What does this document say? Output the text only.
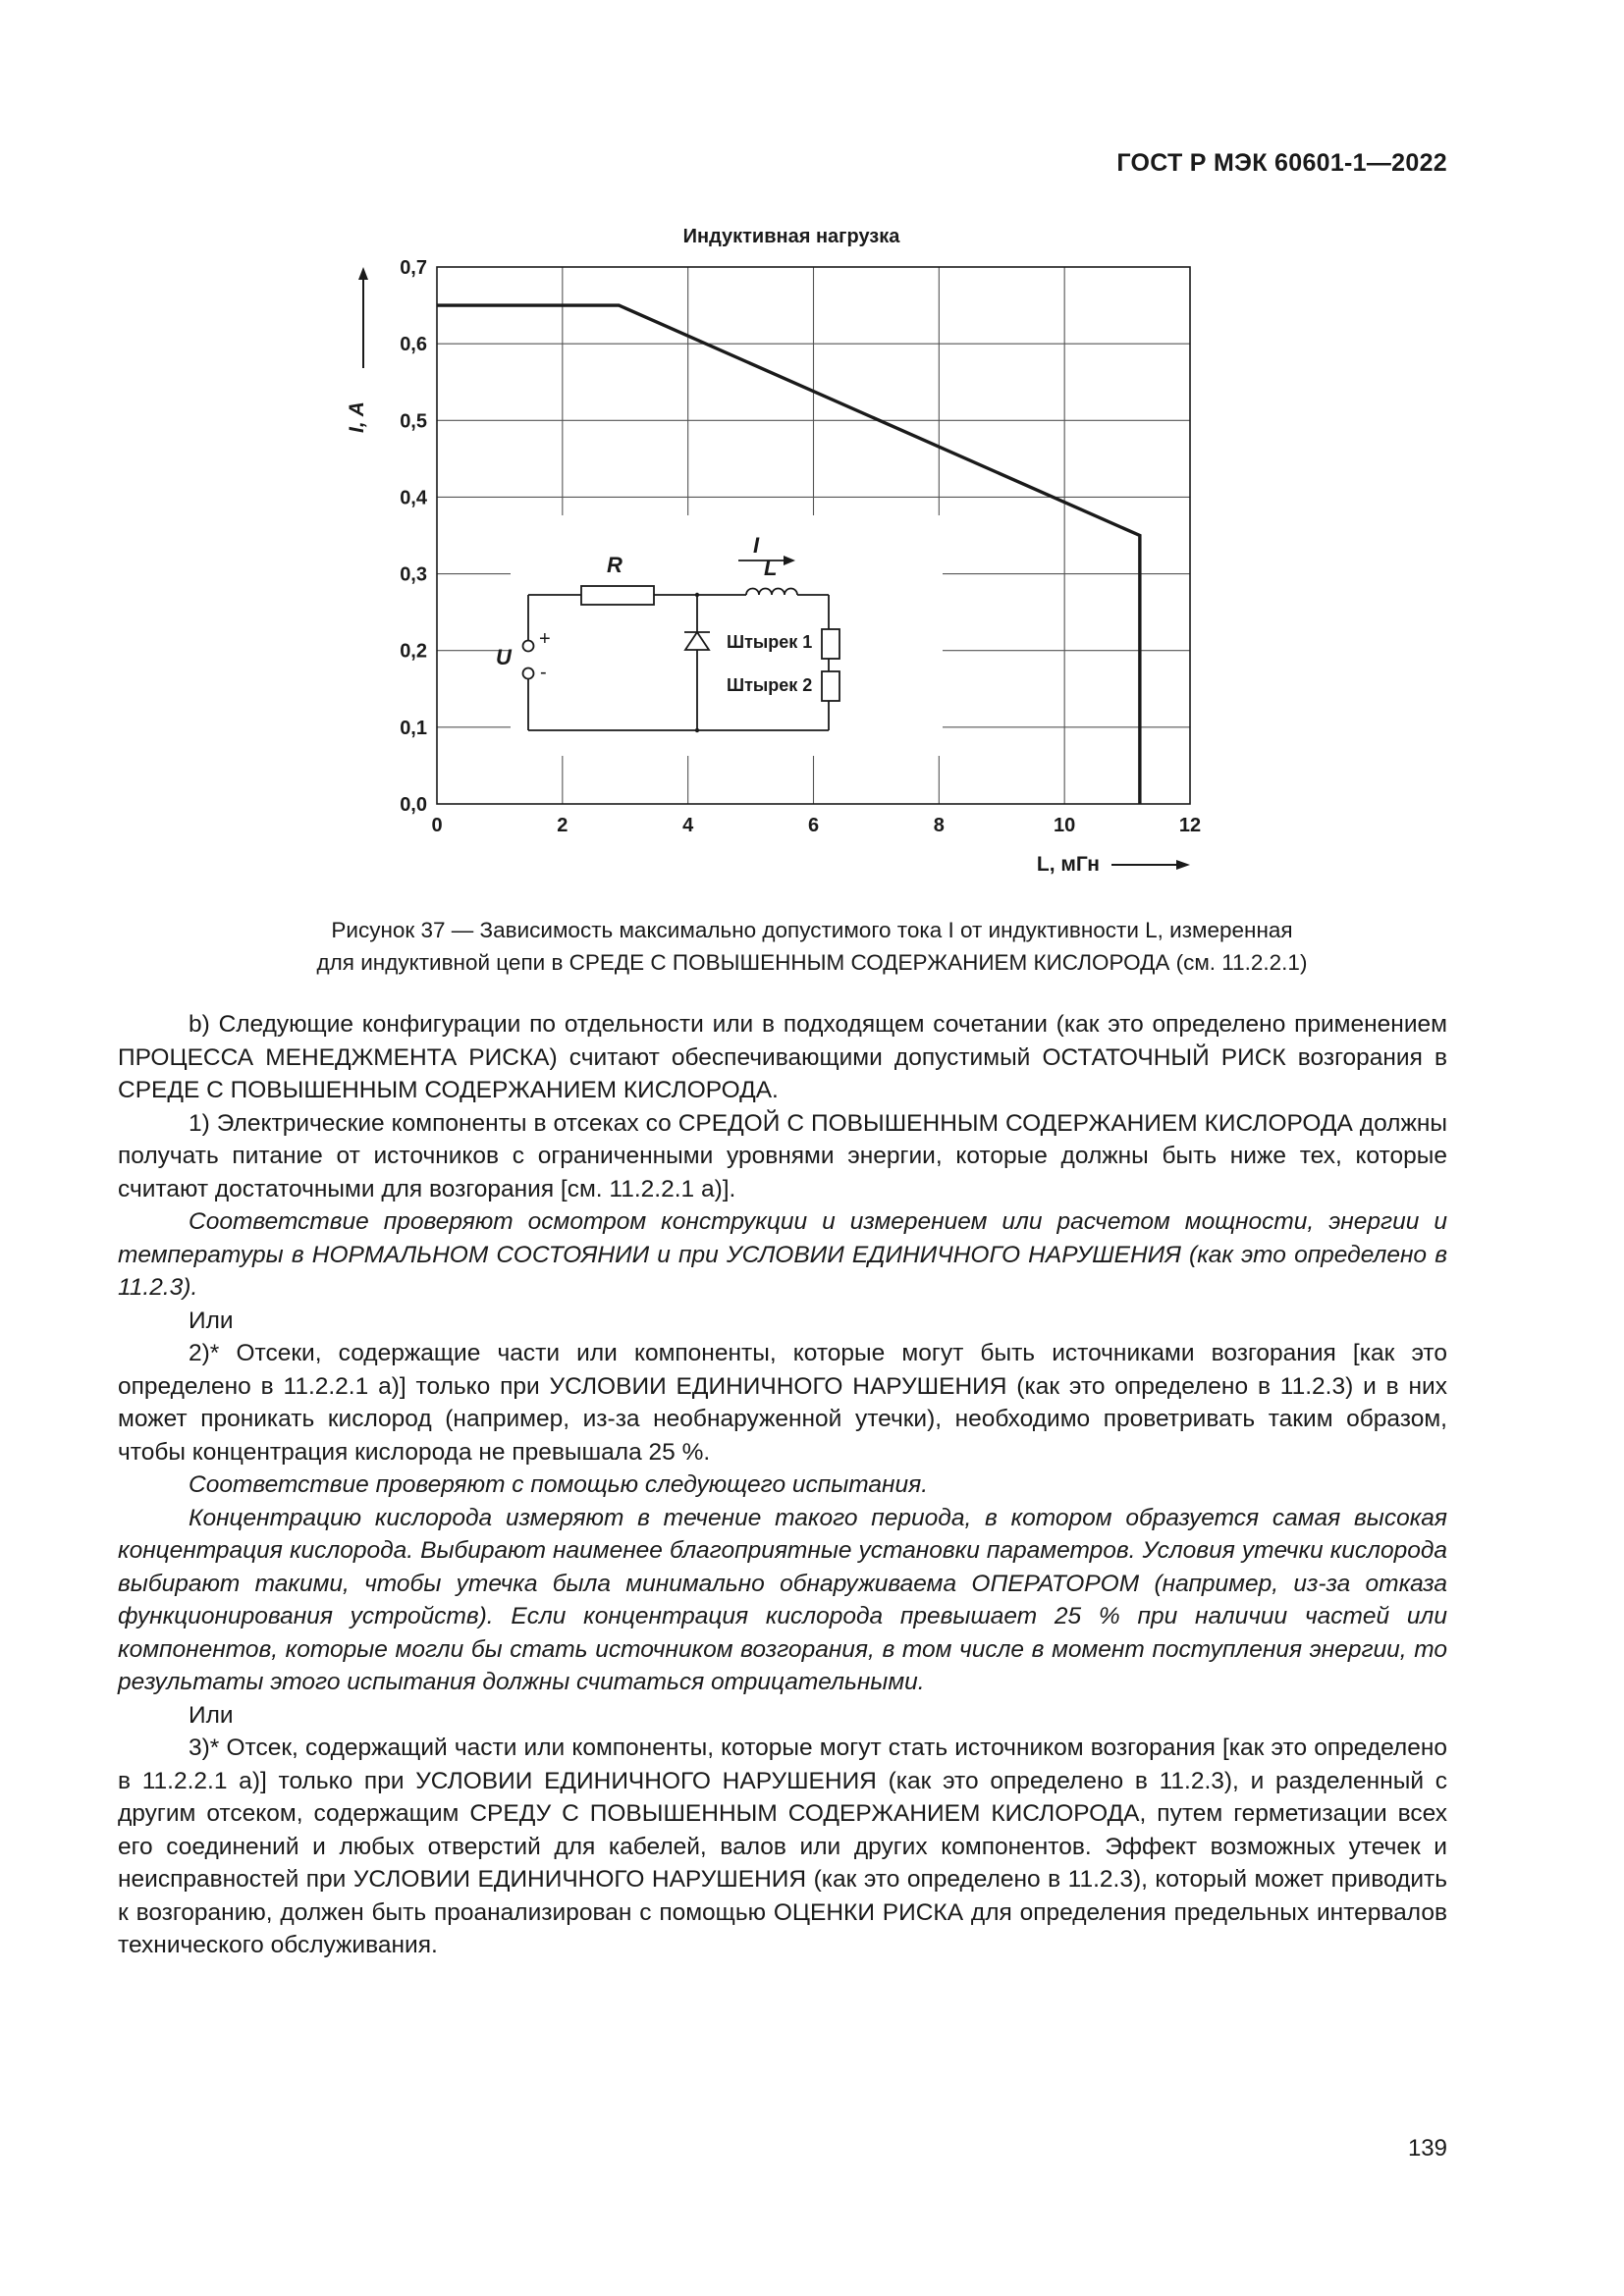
ГОСТ Р МЭК 60601-1—2022
Индуктивная нагрузка
+
-
U
R	L
I
Штырек 1
Штырек 2
0	2	4	6	8	10	12
0,0
0,1
0,2
0,3
0,4
0,5
0,6
0,7
I, A
L, мГн
Рисунок 37 — Зависимость максимально допустимого тока I от индуктивности L, измеренная
для индуктивной цепи в СРЕДЕ С ПОВЫШЕННЫМ СОДЕРЖАНИЕМ КИСЛОРОДА (см. 11.2.2.1)

b) Следующие конфигурации по отдельности или в подходящем сочетании (как это определено применением ПРОЦЕССА МЕНЕДЖМЕНТА РИСКА) считают обеспечивающими допустимый ОСТАТОЧНЫЙ РИСК возгорания в СРЕДЕ С ПОВЫШЕННЫМ СОДЕРЖАНИЕМ КИСЛОРОДА.

1) Электрические компоненты в отсеках со СРЕДОЙ С ПОВЫШЕННЫМ СОДЕРЖАНИЕМ КИСЛОРОДА должны получать питание от источников с ограниченными уровнями энергии, которые должны быть ниже тех, которые считают достаточными для возгорания [см. 11.2.2.1 а)].

Соответствие проверяют осмотром конструкции и измерением или расчетом мощности, энергии и температуры в НОРМАЛЬНОМ СОСТОЯНИИ и при УСЛОВИИ ЕДИНИЧНОГО НАРУШЕНИЯ (как это определено в 11.2.3).

Или

2)* Отсеки, содержащие части или компоненты, которые могут быть источниками возгорания [как это определено в 11.2.2.1 а)] только при УСЛОВИИ ЕДИНИЧНОГО НАРУШЕНИЯ (как это определено в 11.2.3) и в них может проникать кислород (например, из-за необнаруженной утечки), необходимо проветривать таким образом, чтобы концентрация кислорода не превышала 25 %.

Соответствие проверяют с помощью следующего испытания.

Концентрацию кислорода измеряют в течение такого периода, в котором образуется самая высокая концентрация кислорода. Выбирают наименее благоприятные установки параметров. Условия утечки кислорода выбирают такими, чтобы утечка была минимально обнаруживаема ОПЕРАТОРОМ (например, из-за отказа функционирования устройств). Если концентрация кислорода превышает 25 % при наличии частей или компонентов, которые могли бы стать источником возгорания, в том числе в момент поступления энергии, то результаты этого испытания должны считаться отрицательными.

Или

3)* Отсек, содержащий части или компоненты, которые могут стать источником возгорания [как это определено в 11.2.2.1 а)] только при УСЛОВИИ ЕДИНИЧНОГО НАРУШЕНИЯ (как это определено в 11.2.3), и разделенный с другим отсеком, содержащим СРЕДУ С ПОВЫШЕННЫМ СОДЕРЖАНИЕМ КИСЛОРОДА, путем герметизации всех его соединений и любых отверстий для кабелей, валов или других компонентов. Эффект возможных утечек и неисправностей при УСЛОВИИ ЕДИНИЧНОГО НАРУШЕНИЯ (как это определено в 11.2.3), который может приводить к возгоранию, должен быть проанализирован с помощью ОЦЕНКИ РИСКА для определения предельных интервалов технического обслуживания.

139
